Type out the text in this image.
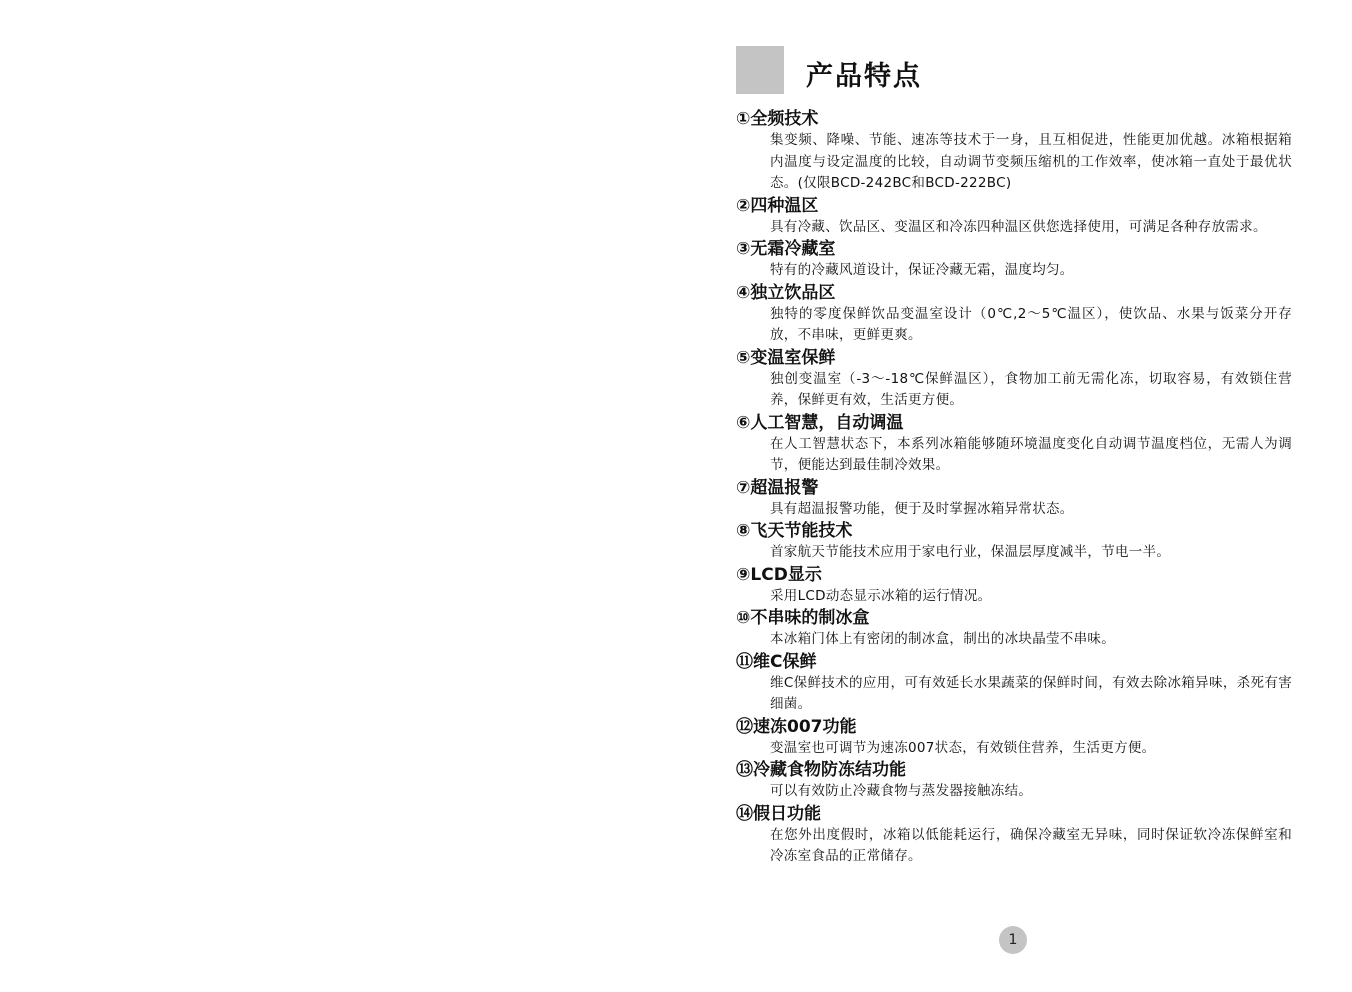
产品特点
①全频技术
集变频、降噪、节能、速冻等技术于一身，且互相促进，性能更加优越。冰箱根据箱内温度与设定温度的比较，自动调节变频压缩机的工作效率，使冰箱一直处于最优状态。(仅限BCD-242BC和BCD-222BC)
②四种温区
具有冷藏、饮品区、变温区和冷冻四种温区供您选择使用，可满足各种存放需求。
③无霜冷藏室
特有的冷藏风道设计，保证冷藏无霜，温度均匀。
④独立饮品区
独特的零度保鲜饮品变温室设计（0℃,2～5℃温区），使饮品、水果与饭菜分开存放，不串味，更鲜更爽。
⑤变温室保鲜
独创变温室（-3～-18℃保鲜温区），食物加工前无需化冻，切取容易，有效锁住营养，保鲜更有效，生活更方便。
⑥人工智慧，自动调温
在人工智慧状态下，本系列冰箱能够随环境温度变化自动调节温度档位，无需人为调节，便能达到最佳制冷效果。
⑦超温报警
具有超温报警功能，便于及时掌握冰箱异常状态。
⑧飞天节能技术
首家航天节能技术应用于家电行业，保温层厚度减半，节电一半。
⑨LCD显示
采用LCD动态显示冰箱的运行情况。
⑩不串味的制冰盒
本冰箱门体上有密闭的制冰盒，制出的冰块晶莹不串味。
⑪维C保鲜
维C保鲜技术的应用，可有效延长水果蔬菜的保鲜时间，有效去除冰箱异味，杀死有害细菌。
⑫速冻007功能
变温室也可调节为速冻007状态，有效锁住营养，生活更方便。
⑬冷藏食物防冻结功能
可以有效防止冷藏食物与蒸发器接触冻结。
⑭假日功能
在您外出度假时，冰箱以低能耗运行，确保冷藏室无异味，同时保证软冷冻保鲜室和冷冻室食品的正常储存。
1
